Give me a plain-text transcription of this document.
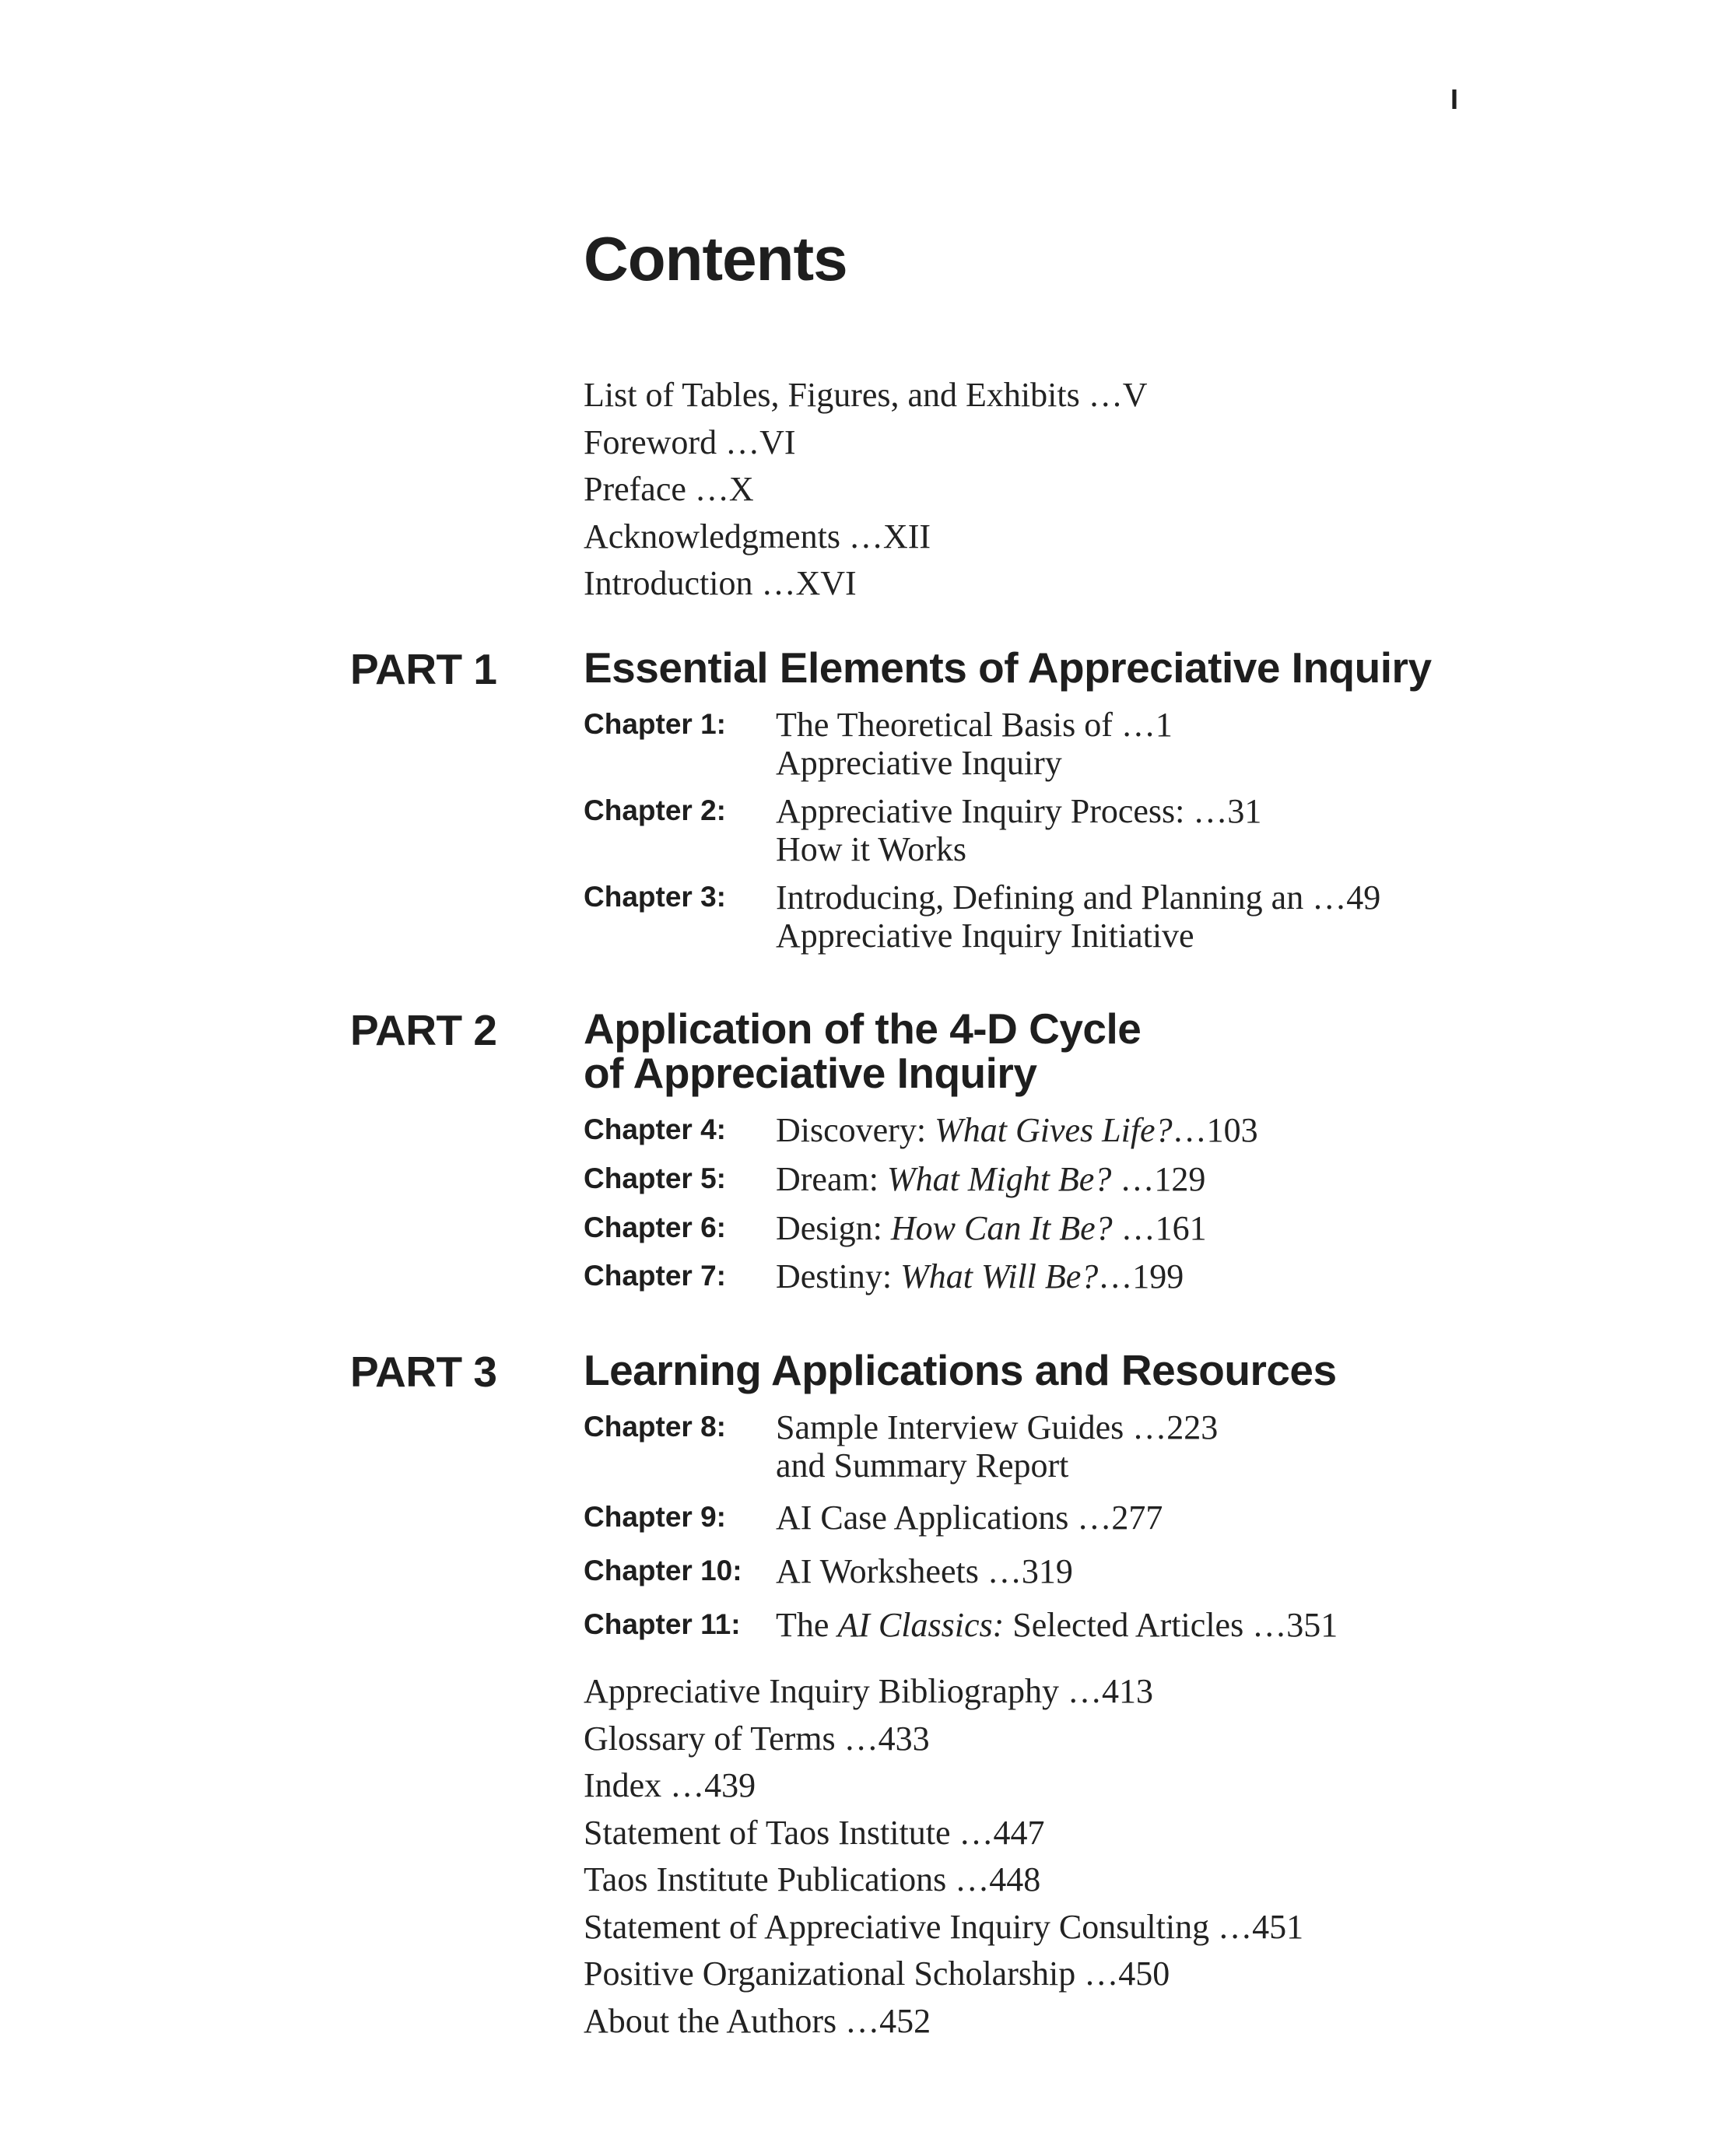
I
Contents
List of Tables, Figures, and Exhibits …V
Foreword …VI
Preface …X
Acknowledgments …XII
Introduction …XVI
PART 1 Essential Elements of Appreciative Inquiry
Chapter 1: The Theoretical Basis of …1
Appreciative Inquiry
Chapter 2: Appreciative Inquiry Process: …31
How it Works
Chapter 3: Introducing, Defining and Planning an …49
Appreciative Inquiry Initiative
PART 2 Application of the 4-D Cycle
of Appreciative Inquiry
Chapter 4: Discovery: What Gives Life?…103
Chapter 5: Dream: What Might Be? …129
Chapter 6: Design: How Can It Be? …161
Chapter 7: Destiny: What Will Be?…199
PART 3 Learning Applications and Resources
Chapter 8: Sample Interview Guides …223
and Summary Report
Chapter 9: AI Case Applications …277
Chapter 10: AI Worksheets …319
Chapter 11: The AI Classics: Selected Articles …351
Appreciative Inquiry Bibliography …413
Glossary of Terms …433
Index …439
Statement of Taos Institute …447
Taos Institute Publications …448
Statement of Appreciative Inquiry Consulting …451
Positive Organizational Scholarship …450
About the Authors …452
